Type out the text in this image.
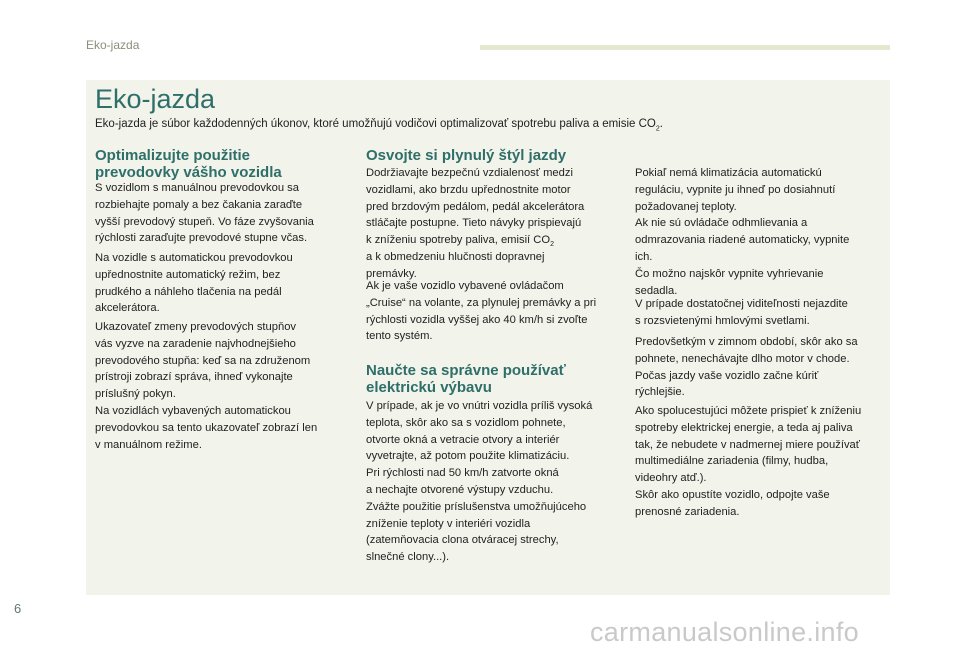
Eko-jazda
Eko-jazda
Eko-jazda je súbor každodenných úkonov, ktoré umožňujú vodičovi optimalizovať spotrebu paliva a emisie $CO_2$.
Optimalizujte použitie
prevodovky vášho vozidla
S vozidlom s manuálnou prevodovkou sa
rozbiehajte pomaly a bez čakania zaraďte
vyšší prevodový stupeň. Vo fáze zvyšovania
rýchlosti zaraďujte prevodové stupne včas.
Na vozidle s automatickou prevodovkou
upřednostnite automatický režim, bez
prudkého a náhleho tlačenia na pedál
akcelerátora.
Ukazovateľ zmeny prevodových stupňov
vás vyzve na zaradenie najvhodnejšieho
prevodového stupňa: keď sa na združenom
prístroji zobrazí správa, ihneď vykonajte
príslušný pokyn.
Na vozidlách vybavených automatickou
prevodovkou sa tento ukazovateľ zobrazí len
v manuálnom režime.
Osvojte si plynulý štýl jazdy
Dodržiavajte bezpečnú vzdialenosť medzi
vozidlami, ako brzdu upřednostnite motor
pred brzdovým pedálom, pedál akcelerátora
stláčajte postupne. Tieto návyky prispievajú
k zníženiu spotreby paliva, emisií $CO_2$
a k obmedzeniu hlučnosti dopravnej
premávky.
Ak je vaše vozidlo vybavené ovládačom
„Cruise“ na volante, za plynulej premávky a pri
rýchlosti vozidla vyššej ako 40 km/h si zvoľte
tento systém.
Naučte sa správne používať
elektrickú výbavu
V prípade, ak je vo vnútri vozidla príliš vysoká
teplota, skôr ako sa s vozidlom pohnete,
otvorte okná a vetracie otvory a interiér
vyvetrajte, až potom použite klimatizáciu.
Pri rýchlosti nad 50 km/h zatvorte okná
a nechajte otvorené výstupy vzduchu.
Zvážte použitie príslušenstva umožňujúceho
zníženie teploty v interiéri vozidla
(zatemňovacia clona otváracej strechy,
slnečné clony...).
Pokiaľ nemá klimatizácia automatickú
reguláciu, vypnite ju ihneď po dosiahnutí
požadovanej teploty.
Ak nie sú ovládače odhmlievania a
odmrazovania riadené automaticky, vypnite
ich.
Čo možno najskôr vypnite vyhrievanie
sedadla.
V prípade dostatočnej viditeľnosti nejazdite
s rozsvietenými hmlovými svetlami.
Predovšetkým v zimnom období, skôr ako sa
pohnete, nenechávajte dlho motor v chode.
Počas jazdy vaše vozidlo začne kúriť
rýchlejšie.
Ako spolucestujúci môžete prispieť k zníženiu
spotreby elektrickej energie, a teda aj paliva
tak, že nebudete v nadmernej miere používať
multimediálne zariadenia (filmy, hudba,
videohry atď.).
Skôr ako opustíte vozidlo, odpojte vaše
prenosné zariadenia.
6
carmanualsonline.info
